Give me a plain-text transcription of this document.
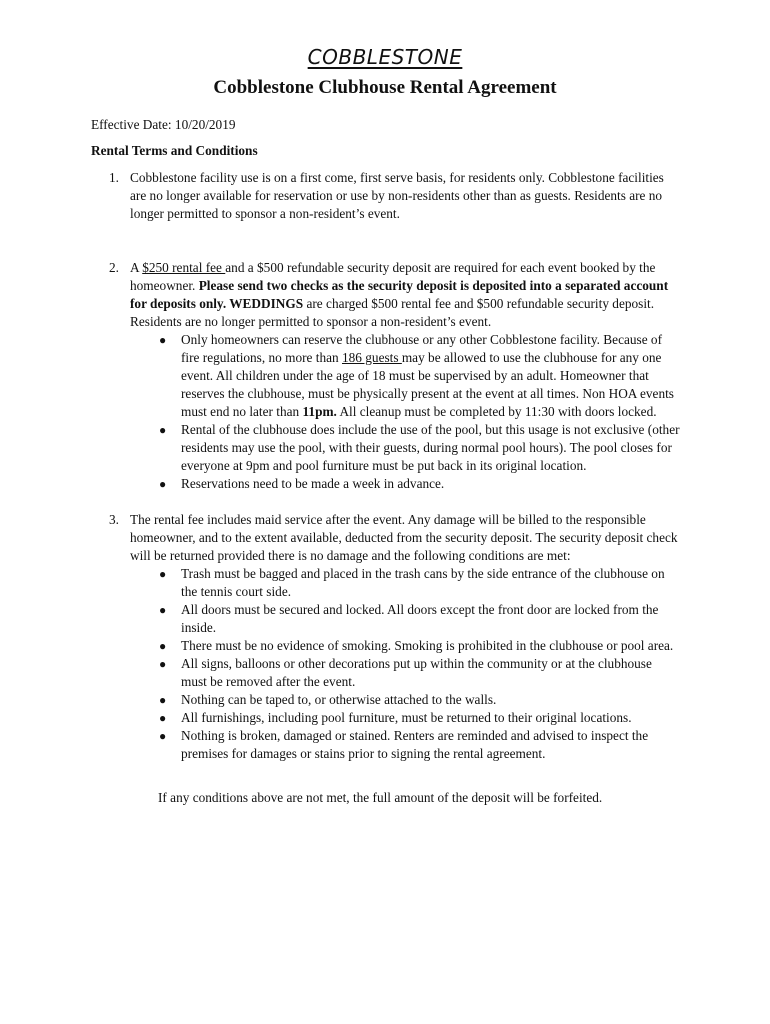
COBBLESTONE
Cobblestone Clubhouse Rental Agreement
Effective Date: 10/20/2019
Rental Terms and Conditions
1. Cobblestone facility use is on a first come, first serve basis, for residents only. Cobblestone facilities are no longer available for reservation or use by non-residents other than as guests. Residents are no longer permitted to sponsor a non-resident’s event.
2. A $250 rental fee and a $500 refundable security deposit are required for each event booked by the homeowner. Please send two checks as the security deposit is deposited into a separated account for deposits only. WEDDINGS are charged $500 rental fee and $500 refundable security deposit. Residents are no longer permitted to sponsor a non-resident’s event.
● Only homeowners can reserve the clubhouse or any other Cobblestone facility. Because of fire regulations, no more than 186 guests may be allowed to use the clubhouse for any one event. All children under the age of 18 must be supervised by an adult. Homeowner that reserves the clubhouse, must be physically present at the event at all times. Non HOA events must end no later than 11pm. All cleanup must be completed by 11:30 with doors locked.
● Rental of the clubhouse does include the use of the pool, but this usage is not exclusive (other residents may use the pool, with their guests, during normal pool hours). The pool closes for everyone at 9pm and pool furniture must be put back in its original location.
● Reservations need to be made a week in advance.
3. The rental fee includes maid service after the event. Any damage will be billed to the responsible homeowner, and to the extent available, deducted from the security deposit. The security deposit check will be returned provided there is no damage and the following conditions are met:
● Trash must be bagged and placed in the trash cans by the side entrance of the clubhouse on the tennis court side.
● All doors must be secured and locked. All doors except the front door are locked from the inside.
● There must be no evidence of smoking. Smoking is prohibited in the clubhouse or pool area.
● All signs, balloons or other decorations put up within the community or at the clubhouse must be removed after the event.
● Nothing can be taped to, or otherwise attached to the walls.
● All furnishings, including pool furniture, must be returned to their original locations.
● Nothing is broken, damaged or stained. Renters are reminded and advised to inspect the premises for damages or stains prior to signing the rental agreement.
If any conditions above are not met, the full amount of the deposit will be forfeited.
